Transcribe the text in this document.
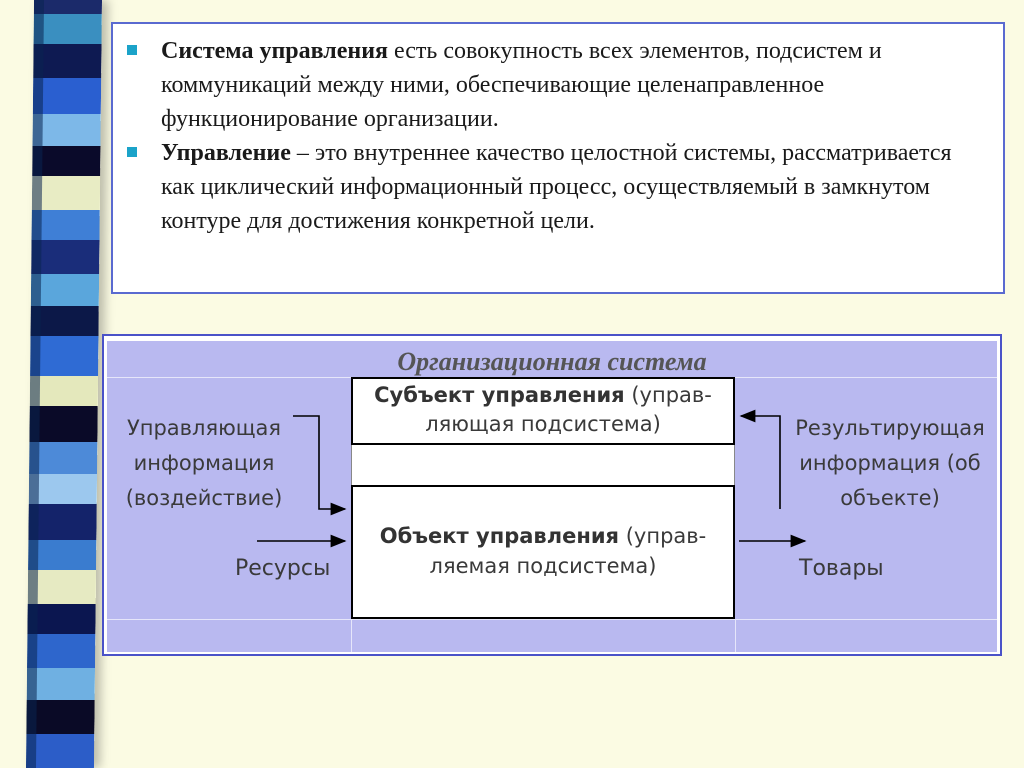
Система управления есть совокупность всех элементов, подсистем и коммуникаций между ними, обеспечивающие целенаправленное функционирование организации.
Управление – это внутреннее качество целостной системы, рассматривается как циклический информационный процесс, осуществляемый в замкнутом контуре для достижения конкретной цели.
Организационная система
Субъект управления (управ-ляющая подсистема)
Объект управления (управ-ляемая подсистема)
Управляющая информация (воздействие)
Результирующая информация (об объекте)
Ресурсы	Товары
